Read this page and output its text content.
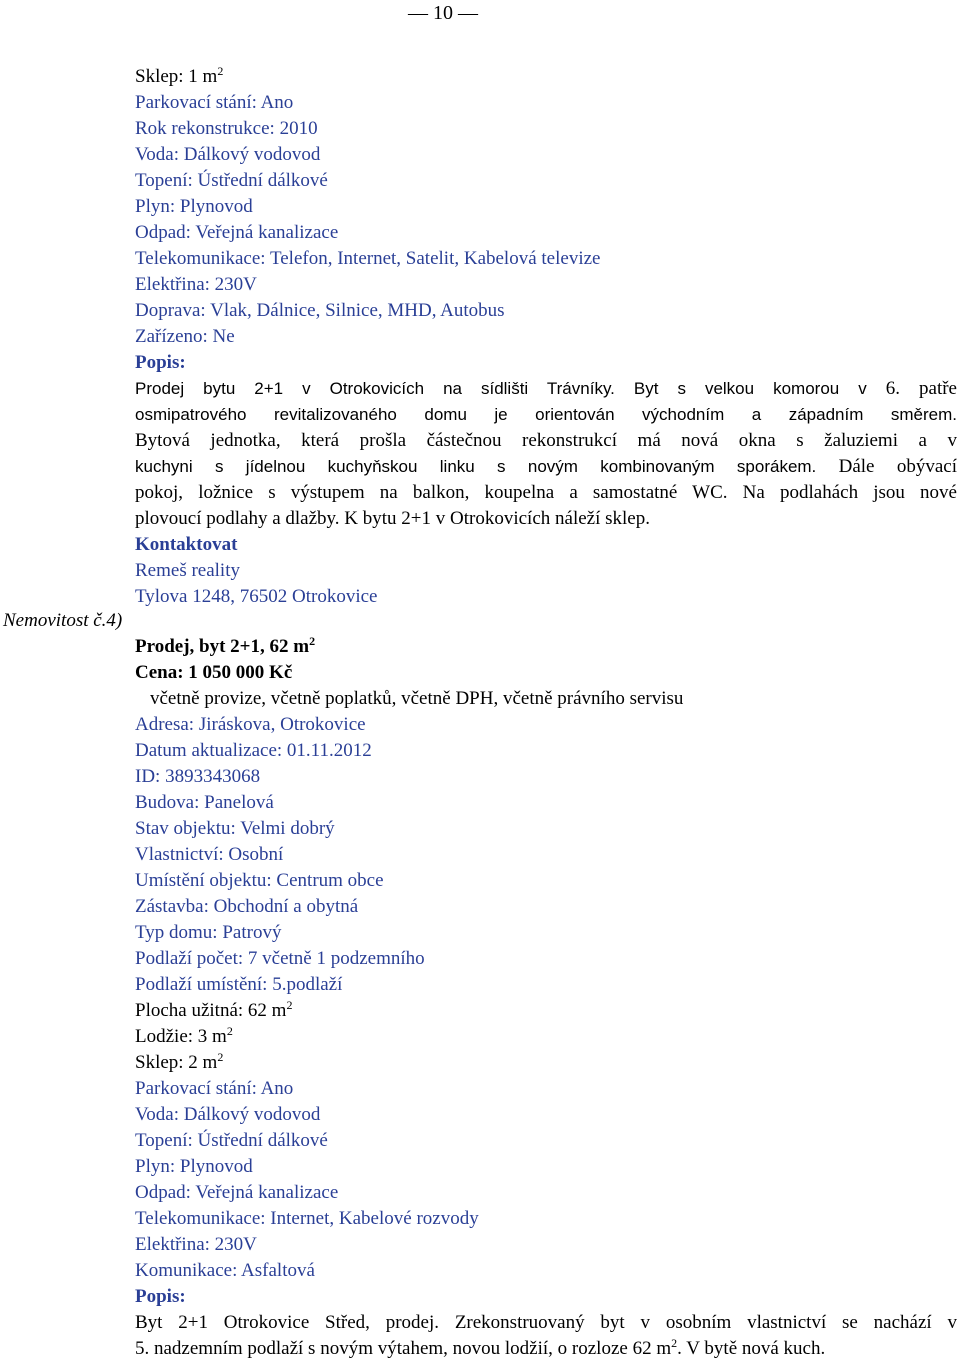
— 10 —
Sklep: 1 $m^2$
Parkovací stání: Ano
Rok rekonstrukce: 2010
Voda: Dálkový vodovod
Topení: Ústřední dálkové
Plyn: Plynovod
Odpad: Veřejná kanalizace
Telekomunikace: Telefon, Internet, Satelit, Kabelová televize
Elektřina: 230V
Doprava: Vlak, Dálnice, Silnice, MHD, Autobus
Zařízeno: Ne
Popis:
Prodej bytu 2+1 v Otrokovicích na sídlišti Trávníky. Byt s velkou komorou v 6. patře
osmipatrového revitalizovaného domu je orientován východním a západním směrem.
Bytová jednotka, která prošla částečnou rekonstrukcí má nová okna s žaluziemi a v
kuchyni s jídelnou kuchyňskou linku s novým kombinovaným sporákem. Dále obývací
pokoj, ložnice s výstupem na balkon, koupelna a samostatné WC. Na podlahách jsou nové
plovoucí podlahy a dlažby. K bytu 2+1 v Otrokovicích náleží sklep.
Kontaktovat
Remeš reality
Tylova 1248, 76502 Otrokovice
Nemovitost č.4)
Prodej, byt 2+1, 62 $m^2$
Cena: 1 050 000 Kč
včetně provize, včetně poplatků, včetně DPH, včetně právního servisu
Adresa: Jiráskova, Otrokovice
Datum aktualizace: 01.11.2012
ID: 3893343068
Budova: Panelová
Stav objektu: Velmi dobrý
Vlastnictví: Osobní
Umístění objektu: Centrum obce
Zástavba: Obchodní a obytná
Typ domu: Patrový
Podlaží počet: 7 včetně 1 podzemního
Podlaží umístění: 5.podlaží
Plocha užitná: 62 $m^2$
Lodžie: 3 $m^2$
Sklep: 2 $m^2$
Parkovací stání: Ano
Voda: Dálkový vodovod
Topení: Ústřední dálkové
Plyn: Plynovod
Odpad: Veřejná kanalizace
Telekomunikace: Internet, Kabelové rozvody
Elektřina: 230V
Komunikace: Asfaltová
Popis:
Byt 2+1 Otrokovice Střed, prodej. Zrekonstruovaný byt v osobním vlastnictví se nachází v
5. nadzemním podlaží s novým výtahem, novou lodžií, o rozloze 62 $m^2$. V bytě nová kuch.
